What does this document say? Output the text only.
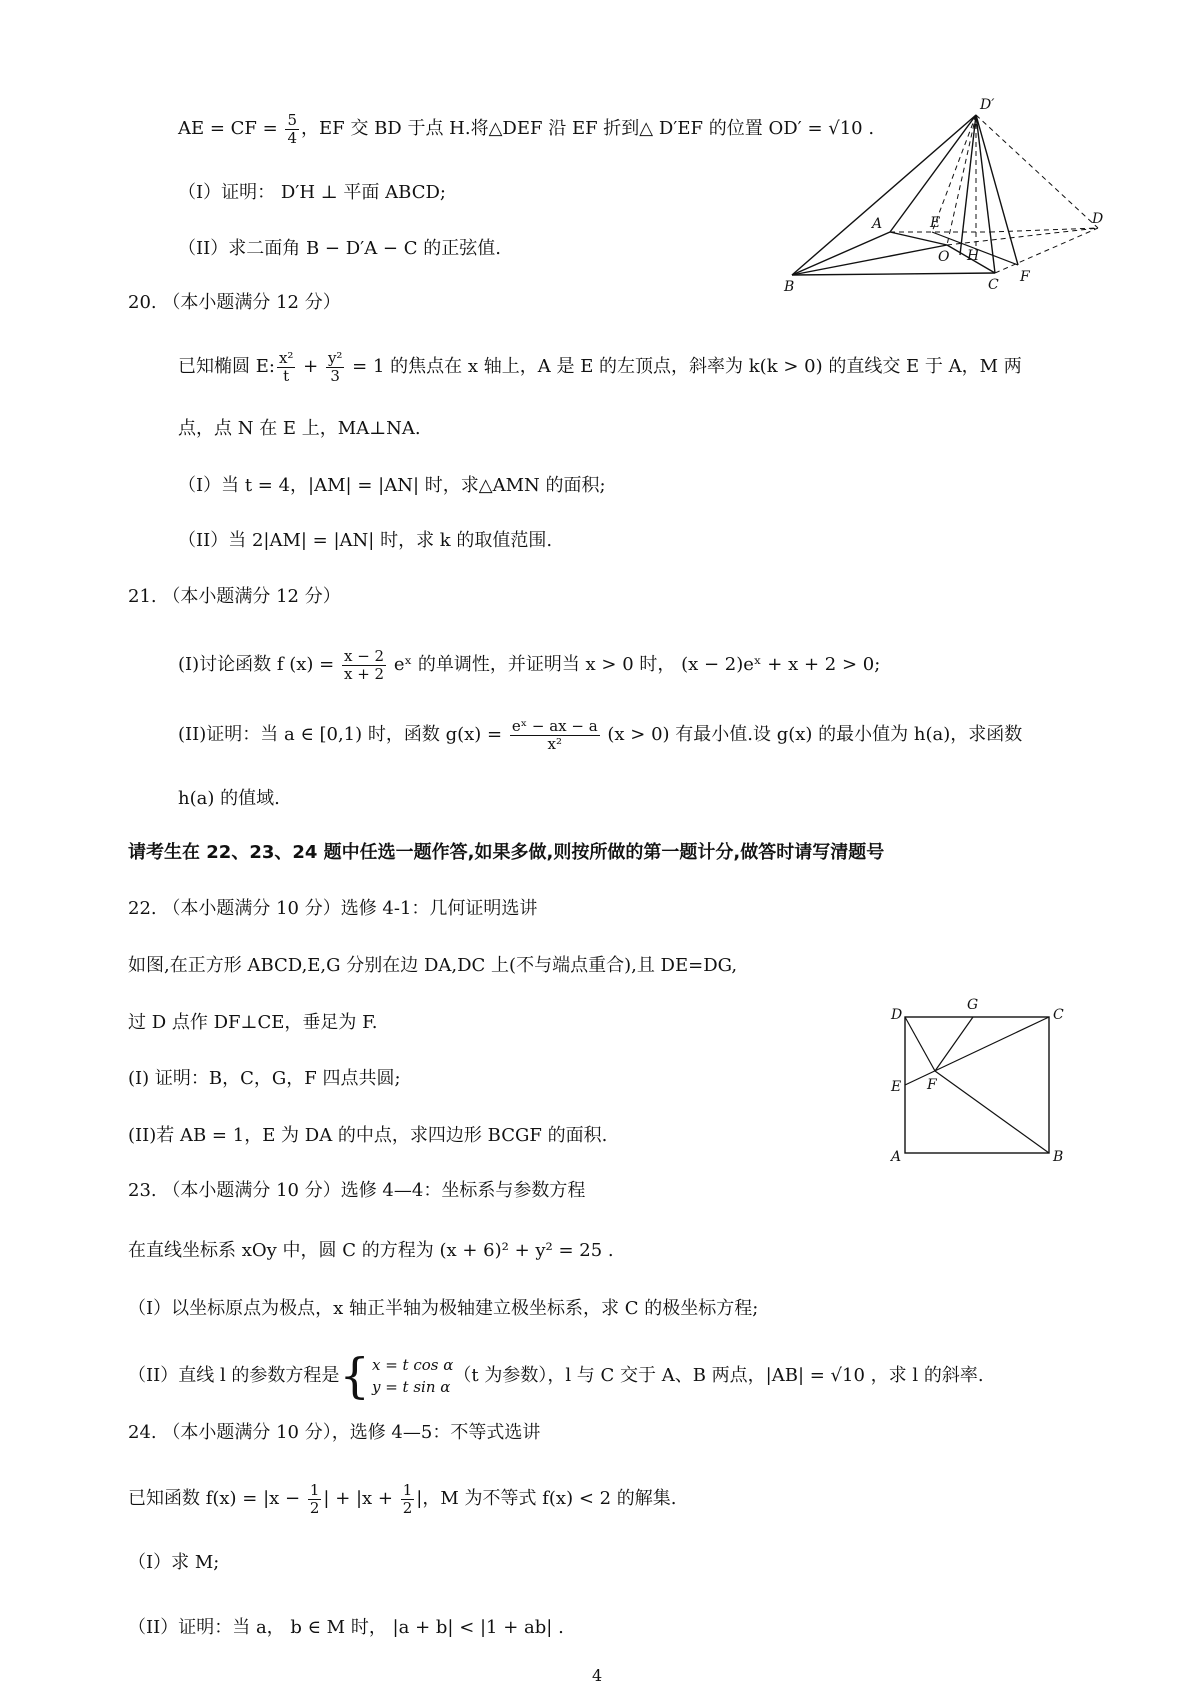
AE = CF = $\frac{5}{4}$ ，EF 交 BD 于点 H.将△DEF 沿 EF 折到△ D′EF 的位置 OD′ = √10 .
（I）证明： D′H ⊥ 平面 ABCD;
（II）求二面角 B − D′A − C 的正弦值.
D′
A	E	D
O H
B	C F
20. （本小题满分 12 分）
已知椭圆 E: $\frac{\text{x²}}{t} + \frac{\text{y²}}{3} = 1$ 的焦点在 x 轴上，A 是 E 的左顶点，斜率为 k(k > 0) 的直线交 E 于 A，M 两
点，点 N 在 E 上，MA⊥NA.
（I）当 t = 4，|AM| = |AN| 时，求△AMN 的面积;
（II）当 2|AM| = |AN| 时，求 k 的取值范围.
21. （本小题满分 12 分）
(I)讨论函数 f $(x) = \frac{x - 2}{x + 2}$ eˣ 的单调性，并证明当 x > 0 时， (x − 2)eˣ + x + 2 > 0;
(II)证明：当 a ∈ [0,1) 时，函数 $g(x) = \frac{\text{eˣ − ax − a}}{\text{x²}} (x > 0)$ 有最小值.设 g(x) 的最小值为 h(a)，求函数
h(a) 的值域.
请考生在 22、23、24 题中任选一题作答,如果多做,则按所做的第一题计分,做答时请写清题号
22. （本小题满分 10 分）选修 4-1：几何证明选讲
如图,在正方形 ABCD,E,G 分别在边 DA,DC 上(不与端点重合),且 DE=DG,
过 D 点作 DF⊥CE，垂足为 F.
(I) 证明：B，C，G，F 四点共圆;
(II)若 AB = 1，E 为 DA 的中点，求四边形 BCGF 的面积.
D
G
C
E F
A	B
23. （本小题满分 10 分）选修 4—4：坐标系与参数方程
在直线坐标系 xOy 中，圆 C 的方程为 (x + 6)² + y² = 25 .
（I）以坐标原点为极点，x 轴正半轴为极轴建立极坐标系，求 C 的极坐标方程;
（II）直线 l 的参数方程是 { x = t cos α
y = t sin α
（t 为参数），l 与 C 交于 A、B 两点，|AB| = √10 ，求 l 的斜率.
24. （本小题满分 10 分），选修 4—5：不等式选讲
已知函数 $f(x) = |x - \frac{1}{2}$ | + $|x + \frac{1}{2}$ |，M 为不等式 f(x) < 2 的解集.
（I）求 M;
（II）证明：当 a， b ∈ M 时， |a + b| < |1 + ab| .
4
